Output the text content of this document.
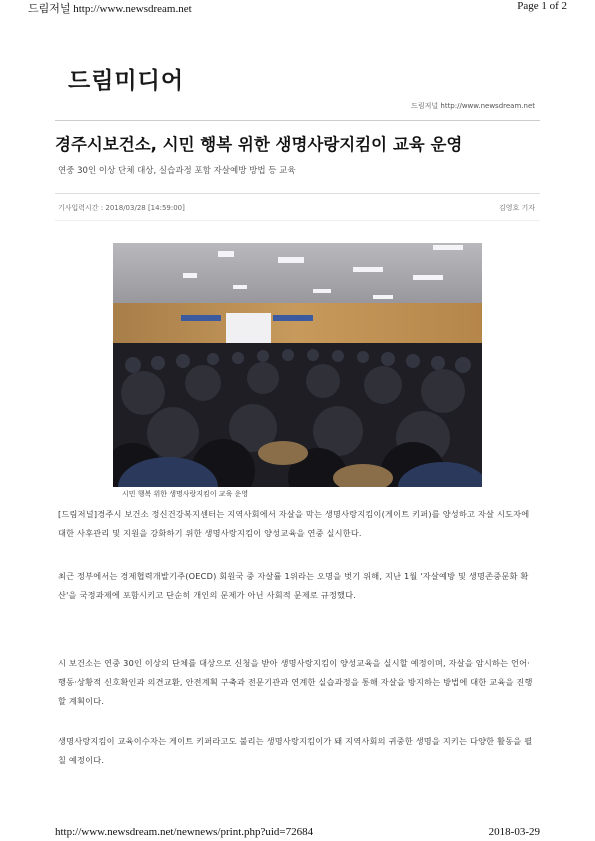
드림저널 http://www.newsdream.net	Page 1 of 2
드림미디어
드림저널 http://www.newsdream.net
경주시보건소, 시민 행복 위한 생명사랑지킴이 교육 운영
연중 30인 이상 단체 대상, 실습과정 포함 자살예방 방법 등 교육
기사입력시간 : 2018/03/28 [14:59:00]	김영호 기자
시민 행복 위한 생명사랑지킴이 교육 운영
[드림저널]경주시 보건소 정신건강복지센터는 지역사회에서 자살을 막는 생명사랑지킴이(게이트 키퍼)를 양성하고 자살 시도자에 대한 사후관리 및 지원을 강화하기 위한 생명사랑지킴이 양성교육을 연중 실시한다.
최근 정부에서는 경제협력개발기주(OECD) 회원국 중 자살률 1위라는 오명을 벗기 위해, 지난 1월 '자살예방 및 생명존중문화 확산'을 국정과제에 포함시키고 단순히 개인의 문제가 아닌 사회적 문제로 규정했다.
시 보건소는 연중 30인 이상의 단체를 대상으로 신청을 받아 생명사랑지킴이 양성교육을 실시할 예정이며, 자살을 암시하는 언어·행동·상황적 신호확인과 의견교환, 안전계획 구축과 전문기관과 연계한 실습과정을 통해 자살을 방지하는 방법에 대한 교육을 진행할 계획이다.
생명사랑지킴이 교육이수자는 게이트 키퍼라고도 불리는 생명사랑지킴이가 돼 지역사회의 귀중한 생명을 지키는 다양한 활동을 펼칠 예정이다.
http://www.newsdream.net/newnews/print.php?uid=72684	2018-03-29
